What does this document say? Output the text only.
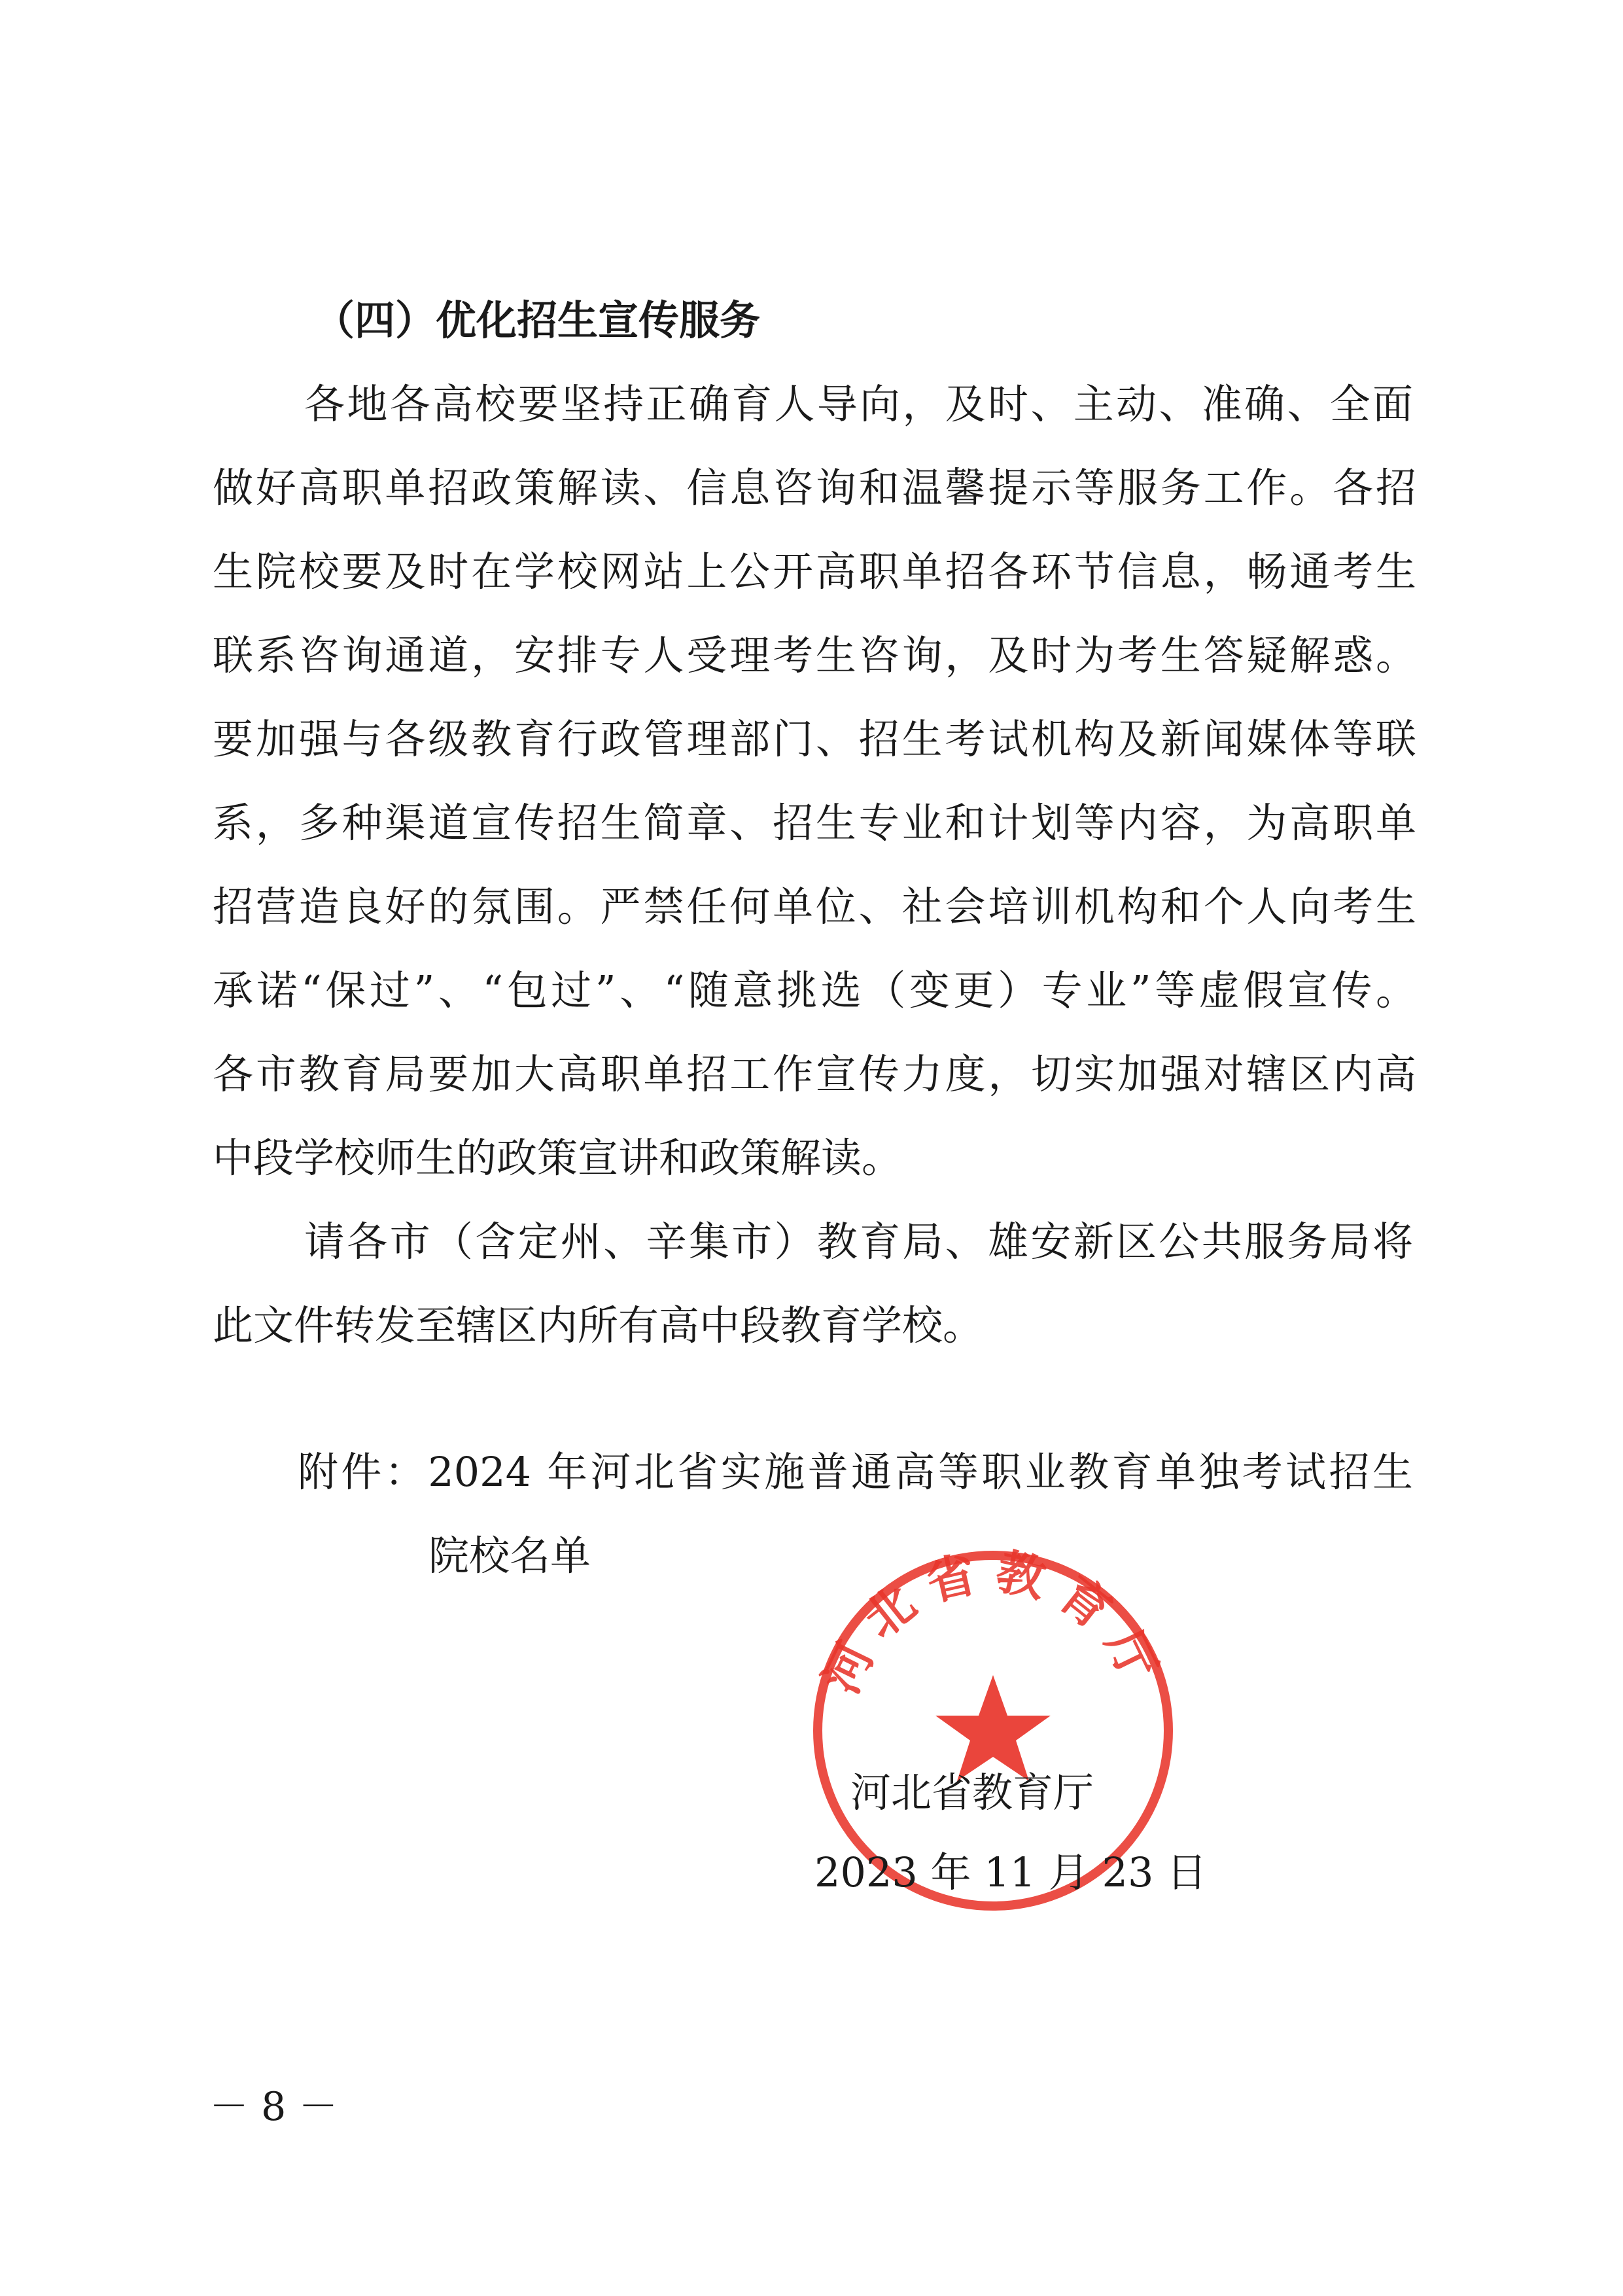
（四）优化招生宣传服务
各地各高校要坚持正确育人导向，及时、主动、准确、全面
做好高职单招政策解读、信息咨询和温馨提示等服务工作。各招
生院校要及时在学校网站上公开高职单招各环节信息，畅通考生
联系咨询通道，安排专人受理考生咨询，及时为考生答疑解惑。
要加强与各级教育行政管理部门、招生考试机构及新闻媒体等联
系，多种渠道宣传招生简章、招生专业和计划等内容，为高职单
招营造良好的氛围。严禁任何单位、社会培训机构和个人向考生
承诺“保过”、“包过”、“随意挑选（变更）专业”等虚假宣传。
各市教育局要加大高职单招工作宣传力度，切实加强对辖区内高
中段学校师生的政策宣讲和政策解读。
请各市（含定州、辛集市）教育局、雄安新区公共服务局将
此文件转发至辖区内所有高中段教育学校。
附件：2024 年河北省实施普通高等职业教育单独考试招生
院校名单
河北省教育厅
河北省教育厅
2023 年 11 月 23 日
－ 8 －
